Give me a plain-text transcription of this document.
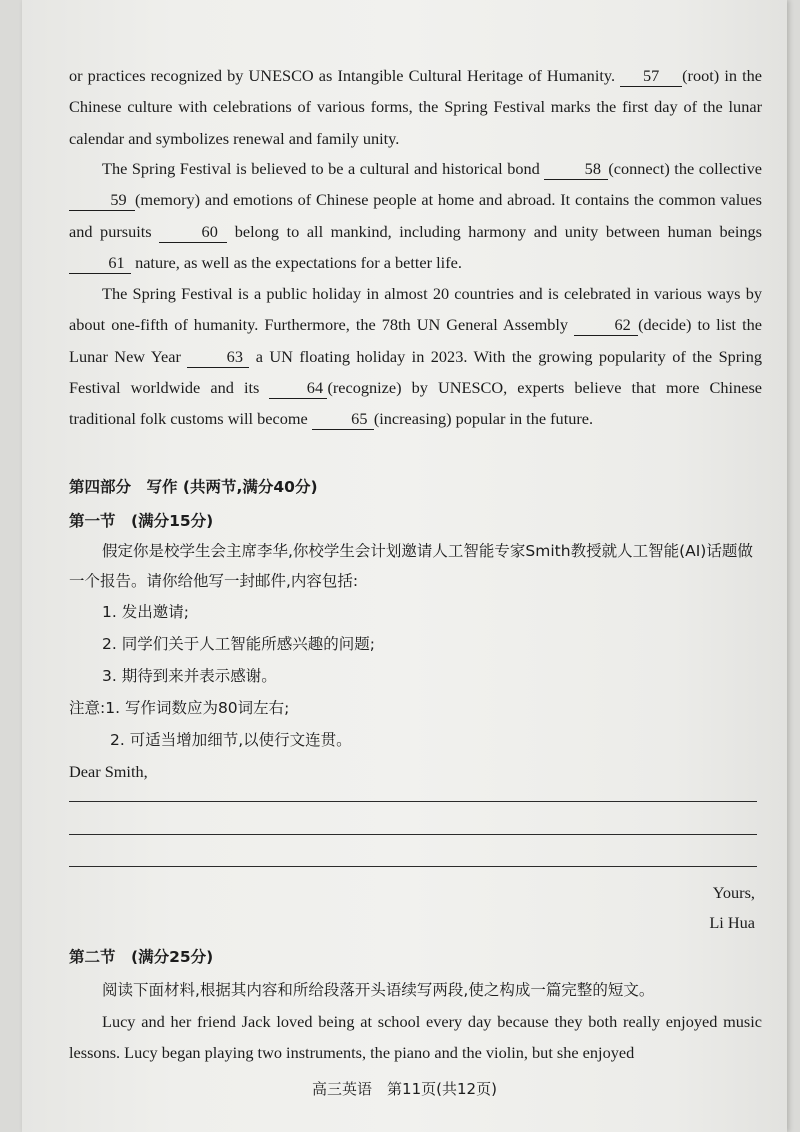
or practices recognized by UNESCO as Intangible Cultural Heritage of Humanity. 57 (root) in the Chinese culture with celebrations of various forms, the Spring Festival marks the first day of the lunar calendar and symbolizes renewal and family unity.

The Spring Festival is believed to be a cultural and historical bond 58 (connect) the collective 59 (memory) and emotions of Chinese people at home and abroad. It contains the common values and pursuits	60 belong to all mankind, including harmony and unity between human beings 61 nature, as well as the expectations for a better life.

The Spring Festival is a public holiday in almost 20 countries and is celebrated in various ways by about one-fifth of humanity. Furthermore, the 78th UN General Assembly 62 (decide) to list the Lunar New Year 63 a UN floating holiday in 2023. With the growing popularity of the Spring Festival worldwide and its 64 (recognize) by UNESCO, experts believe that more Chinese traditional folk customs will become 65 (increasing) popular in the future.

第四部分　写作 (共两节,满分40分)

第一节　(满分15分)

假定你是校学生会主席李华,你校学生会计划邀请人工智能专家Smith教授就人工智能(AI)话题做一个报告。请你给他写一封邮件,内容包括:

1. 发出邀请;

2. 同学们关于人工智能所感兴趣的问题;

3. 期待到来并表示感谢。

注意:1. 写作词数应为80词左右;

2. 可适当增加细节,以使行文连贯。

Dear Smith,

Yours,

Li Hua

第二节　(满分25分)

阅读下面材料,根据其内容和所给段落开头语续写两段,使之构成一篇完整的短文。

Lucy and her friend Jack loved being at school every day because they both really enjoyed music lessons. Lucy began playing two instruments, the piano and the violin, but she enjoyed

高三英语　第11页(共12页)
